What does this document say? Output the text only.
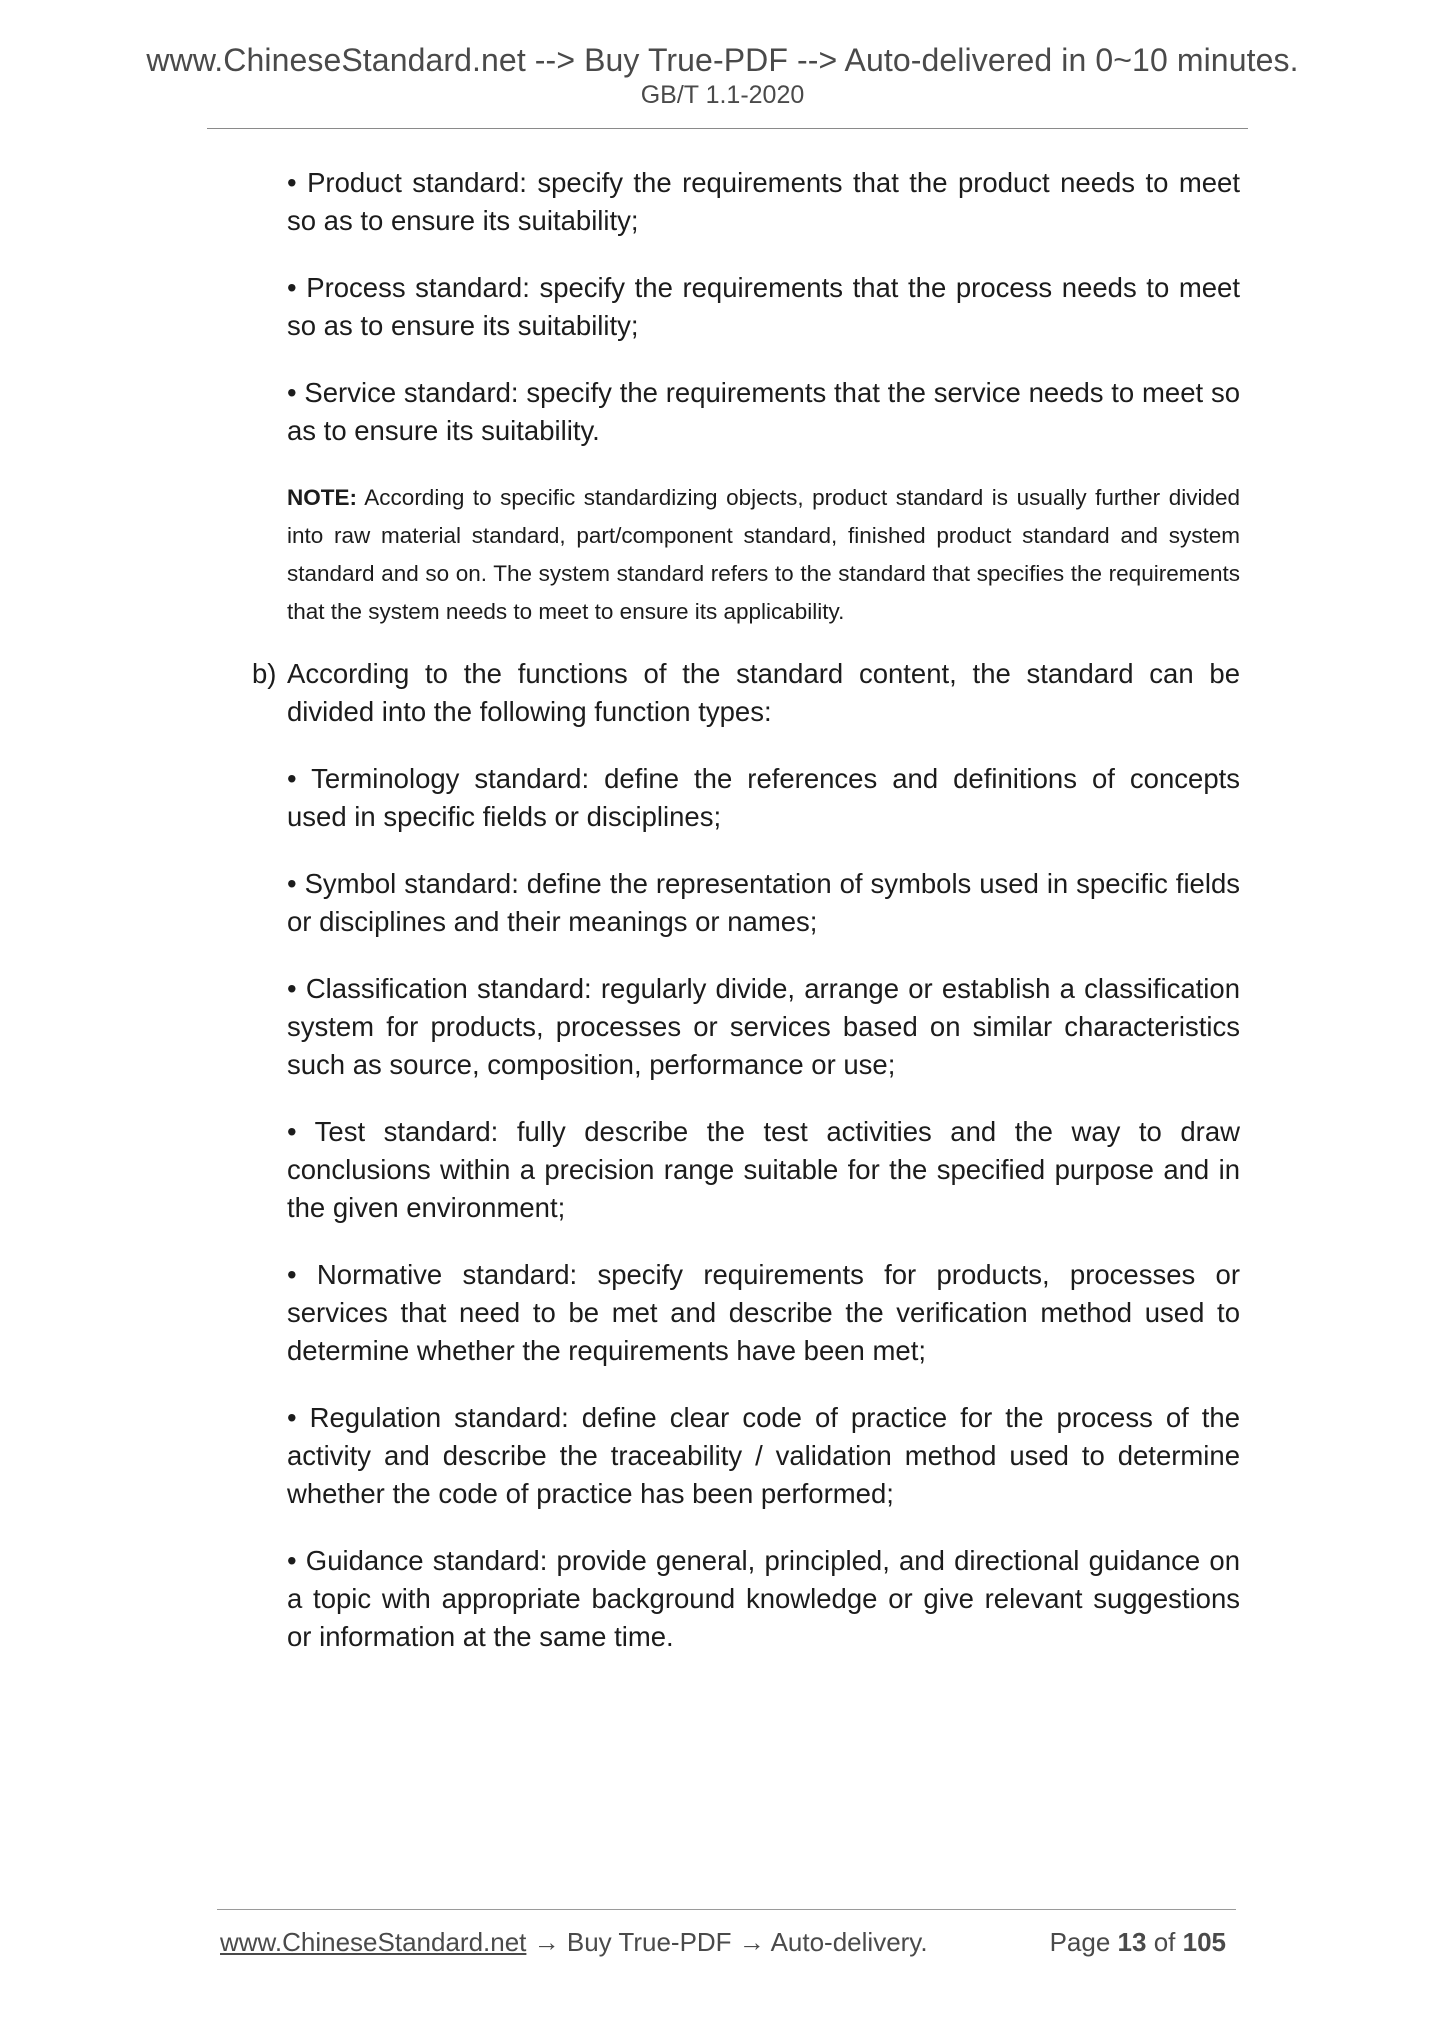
www.ChineseStandard.net --> Buy True-PDF --> Auto-delivered in 0~10 minutes.
GB/T 1.1-2020

• Product standard: specify the requirements that the product needs to meet so as to ensure its suitability;

• Process standard: specify the requirements that the process needs to meet so as to ensure its suitability;

• Service standard: specify the requirements that the service needs to meet so as to ensure its suitability.

NOTE: According to specific standardizing objects, product standard is usually further divided into raw material standard, part/component standard, finished product standard and system standard and so on. The system standard refers to the standard that specifies the requirements that the system needs to meet to ensure its applicability.

b) According to the functions of the standard content, the standard can be divided into the following function types:

• Terminology standard: define the references and definitions of concepts used in specific fields or disciplines;

• Symbol standard: define the representation of symbols used in specific fields or disciplines and their meanings or names;

• Classification standard: regularly divide, arrange or establish a classification system for products, processes or services based on similar characteristics such as source, composition, performance or use;

• Test standard: fully describe the test activities and the way to draw conclusions within a precision range suitable for the specified purpose and in the given environment;

• Normative standard: specify requirements for products, processes or services that need to be met and describe the verification method used to determine whether the requirements have been met;

• Regulation standard: define clear code of practice for the process of the activity and describe the traceability / validation method used to determine whether the code of practice has been performed;

• Guidance standard: provide general, principled, and directional guidance on a topic with appropriate background knowledge or give relevant suggestions or information at the same time.

www.ChineseStandard.net → Buy True-PDF → Auto-delivery.	Page 13 of 105
